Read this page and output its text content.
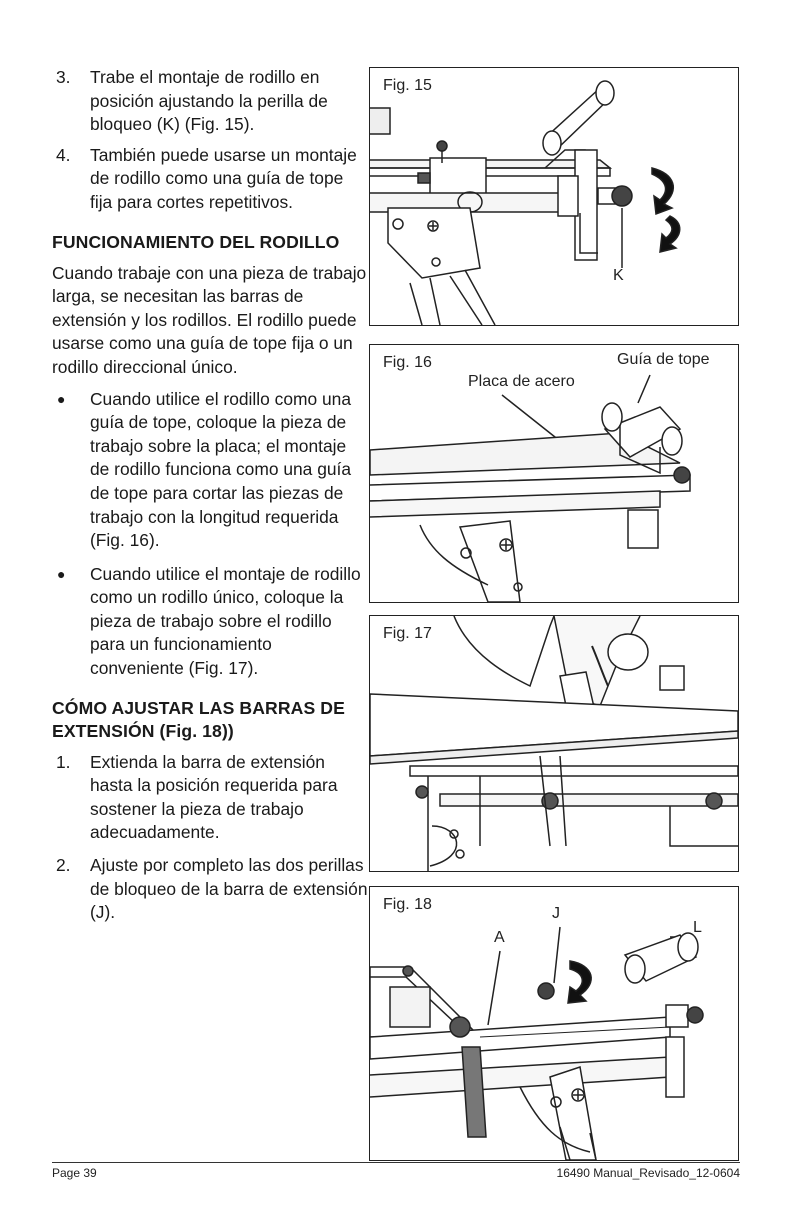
3. Trabe el montaje de rodillo en posición ajustando la perilla de bloqueo (K) (Fig. 15).
4. También puede usarse un montaje de rodillo como una guía de tope fija para cortes repetitivos.
FUNCIONAMIENTO DEL RODILLO
Cuando trabaje con una pieza de trabajo larga, se necesitan las barras de extensión y los rodillos. El rodillo puede usarse como una guía de tope fija o un rodillo direccional único.
● Cuando utilice el rodillo como una guía de tope, coloque la pieza de trabajo sobre la placa; el montaje de rodillo funciona como una guía de tope para cortar las piezas de trabajo con la longitud requerida (Fig. 16).
● Cuando utilice el montaje de rodillo como un rodillo único, coloque la pieza de trabajo sobre el rodillo para un funcionamiento conveniente (Fig. 17).
CÓMO AJUSTAR LAS BARRAS DE EXTENSIÓN (Fig. 18))
1. Extienda la barra de extensión hasta la posición requerida para sostener la pieza de trabajo adecuadamente.
2. Ajuste por completo las dos perillas de bloqueo de la barra de extensión (J).
Fig. 15
K
Fig. 16	Guía de tope
Placa de acero
Fig. 17
Fig. 18
A
J
L
Page 39	16490 Manual_Revisado_12-0604
